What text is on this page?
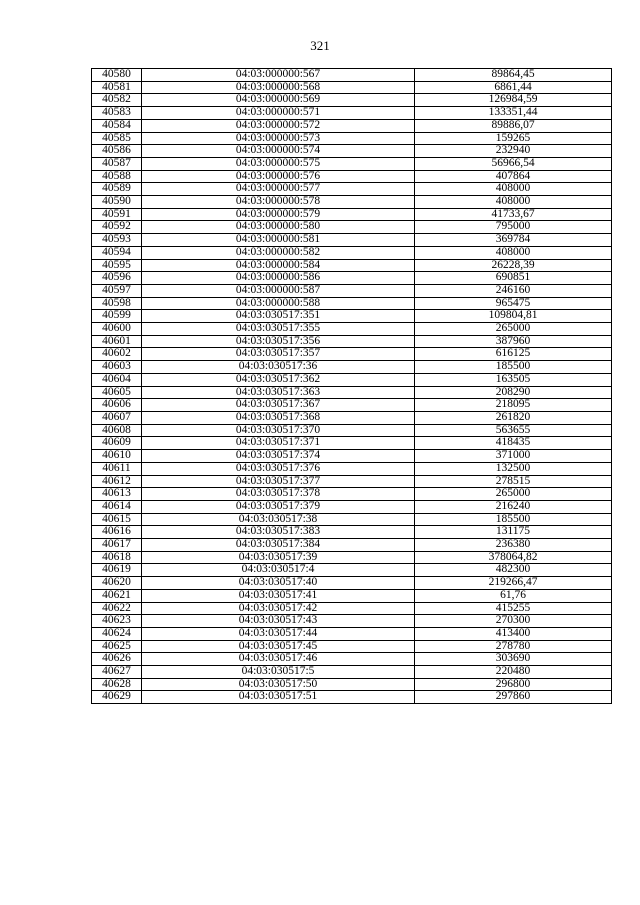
321
40580	04:03:000000:567	89864,45
40581	04:03:000000:568	6861,44
40582	04:03:000000:569	126984,59
40583	04:03:000000:571	133351,44
40584	04:03:000000:572	89886,07
40585	04:03:000000:573	159265
40586	04:03:000000:574	232940
40587	04:03:000000:575	56966,54
40588	04:03:000000:576	407864
40589	04:03:000000:577	408000
40590	04:03:000000:578	408000
40591	04:03:000000:579	41733,67
40592	04:03:000000:580	795000
40593	04:03:000000:581	369784
40594	04:03:000000:582	408000
40595	04:03:000000:584	26228,39
40596	04:03:000000:586	690851
40597	04:03:000000:587	246160
40598	04:03:000000:588	965475
40599	04:03:030517:351	109804,81
40600	04:03:030517:355	265000
40601	04:03:030517:356	387960
40602	04:03:030517:357	616125
40603	04:03:030517:36	185500
40604	04:03:030517:362	163505
40605	04:03:030517:363	208290
40606	04:03:030517:367	218095
40607	04:03:030517:368	261820
40608	04:03:030517:370	563655
40609	04:03:030517:371	418435
40610	04:03:030517:374	371000
40611	04:03:030517:376	132500
40612	04:03:030517:377	278515
40613	04:03:030517:378	265000
40614	04:03:030517:379	216240
40615	04:03:030517:38	185500
40616	04:03:030517:383	131175
40617	04:03:030517:384	236380
40618	04:03:030517:39	378064,82
40619	04:03:030517:4	482300
40620	04:03:030517:40	219266,47
40621	04:03:030517:41	61,76
40622	04:03:030517:42	415255
40623	04:03:030517:43	270300
40624	04:03:030517:44	413400
40625	04:03:030517:45	278780
40626	04:03:030517:46	303690
40627	04:03:030517:5	220480
40628	04:03:030517:50	296800
40629	04:03:030517:51	297860
